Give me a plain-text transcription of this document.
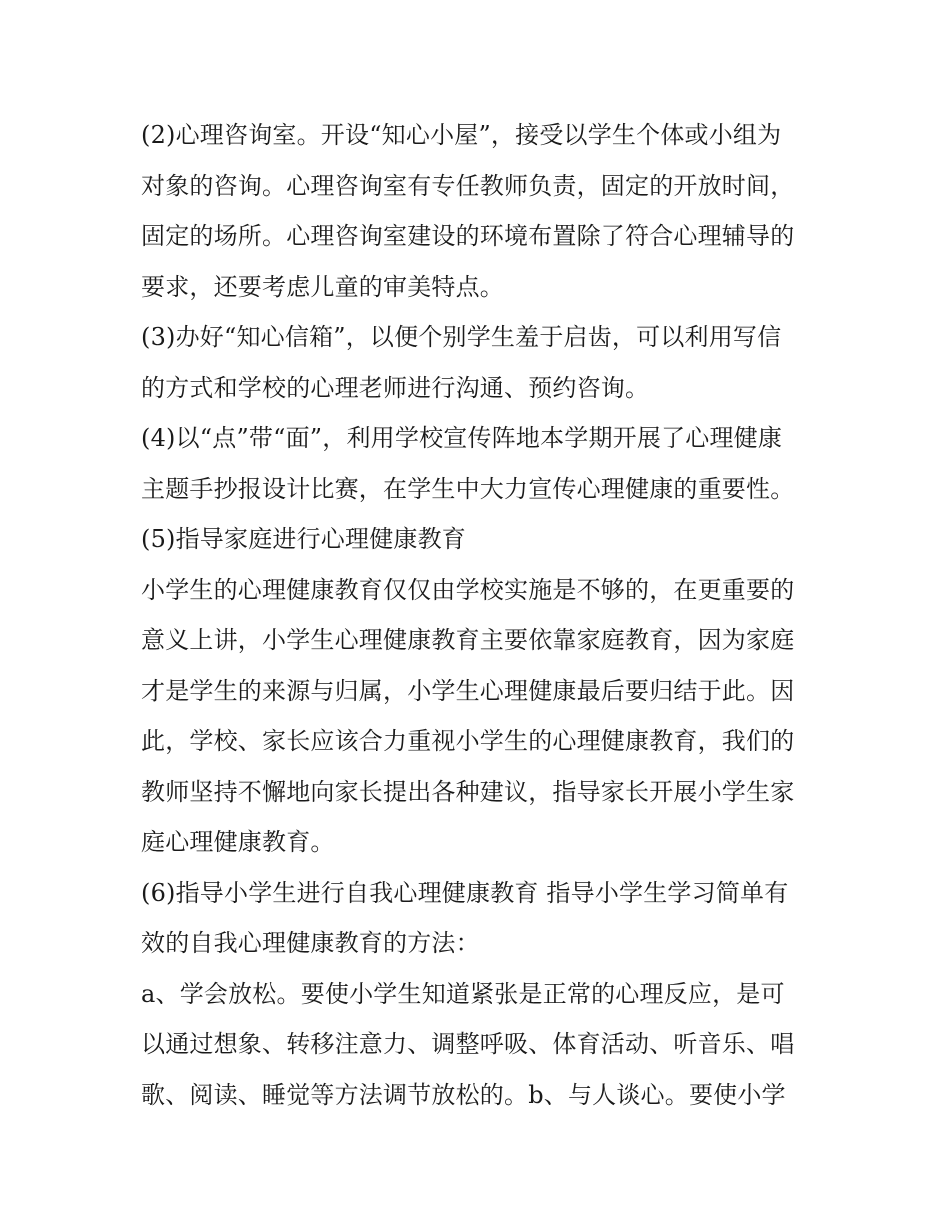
(2)心理咨询室。开设“知心小屋”，接受以学生个体或小组为
对象的咨询。心理咨询室有专任教师负责，固定的开放时间，
固定的场所。心理咨询室建设的环境布置除了符合心理辅导的
要求，还要考虑儿童的审美特点。
(3)办好“知心信箱”，以便个别学生羞于启齿，可以利用写信
的方式和学校的心理老师进行沟通、预约咨询。
(4)以“点”带“面”，利用学校宣传阵地本学期开展了心理健康
主题手抄报设计比赛，在学生中大力宣传心理健康的重要性。
(5)指导家庭进行心理健康教育
小学生的心理健康教育仅仅由学校实施是不够的，在更重要的
意义上讲，小学生心理健康教育主要依靠家庭教育，因为家庭
才是学生的来源与归属，小学生心理健康最后要归结于此。因
此，学校、家长应该合力重视小学生的心理健康教育，我们的
教师坚持不懈地向家长提出各种建议，指导家长开展小学生家
庭心理健康教育。
(6)指导小学生进行自我心理健康教育 指导小学生学习简单有
效的自我心理健康教育的方法：
a、学会放松。要使小学生知道紧张是正常的心理反应，是可
以通过想象、转移注意力、调整呼吸、体育活动、听音乐、唱
歌、阅读、睡觉等方法调节放松的。b、与人谈心。要使小学
